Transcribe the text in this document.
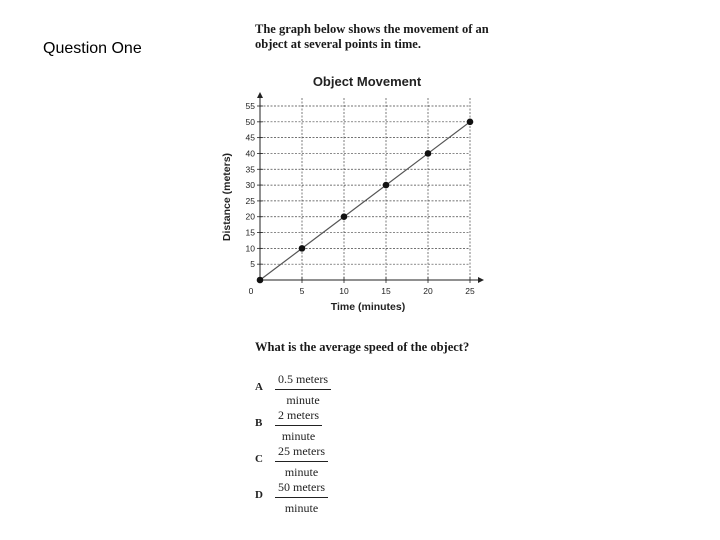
Question One
The graph below shows the movement of an object at several points in time.
Object Movement
5
10
15
20
25
30
35
40
45
50
55
5	10	15	20	25
0
Time (minutes)
Distance (meters)
What is the average speed of the object?
A
0.5 meters
minute
B
2 meters
minute
C
25 meters
minute
D
50 meters
minute
